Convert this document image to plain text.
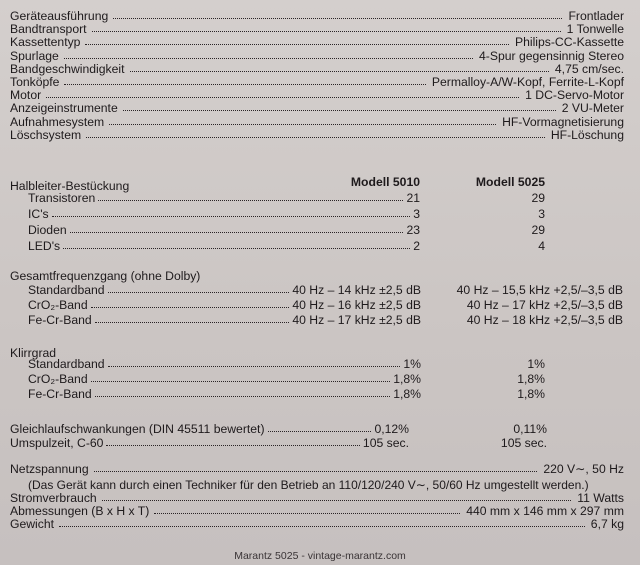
Geräteausführung	Frontlader
Bandtransport	1 Tonwelle
Kassettentyp	Philips-CC-Kassette
Spurlage	4-Spur gegensinnig Stereo
Bandgeschwindigkeit	4,75 cm/sec.
Tonköpfe	Permalloy-A/W-Kopf, Ferrite-L-Kopf
Motor	1 DC-Servo-Motor
Anzeigeinstrumente	2 VU-Meter
Aufnahmesystem	HF-Vormagnetisierung
Löschsystem	HF-Löschung
Halbleiter-Bestückung	Modell 5010	Modell 5025
Transistoren	21	29
IC's	3	3
Dioden	23	29
LED's	2	4
Gesamtfrequenzgang (ohne Dolby)
Standardband	40 Hz – 14 kHz ±2,5 dB	40 Hz – 15,5 kHz +2,5/–3,5 dB
CrO₂-Band	40 Hz – 16 kHz ±2,5 dB	40 Hz – 17 kHz +2,5/–3,5 dB
Fe-Cr-Band	40 Hz – 17 kHz ±2,5 dB	40 Hz – 18 kHz +2,5/–3,5 dB
Klirrgrad
Standardband	1%	1%
CrO₂-Band	1,8%	1,8%
Fe-Cr-Band	1,8%	1,8%
Gleichlaufschwankungen (DIN 45511 bewertet)	0,12%	0,11%
Umspulzeit, C-60	105 sec.	105 sec.
Netzspannung	220 V∼, 50 Hz
(Das Gerät kann durch einen Techniker für den Betrieb an 110/120/240 V∼, 50/60 Hz umgestellt werden.)
Stromverbrauch	11 Watts
Abmessungen (B x H x T)	440 mm x 146 mm x 297 mm
Gewicht	6,7 kg
Marantz 5025 - vintage-marantz.com
